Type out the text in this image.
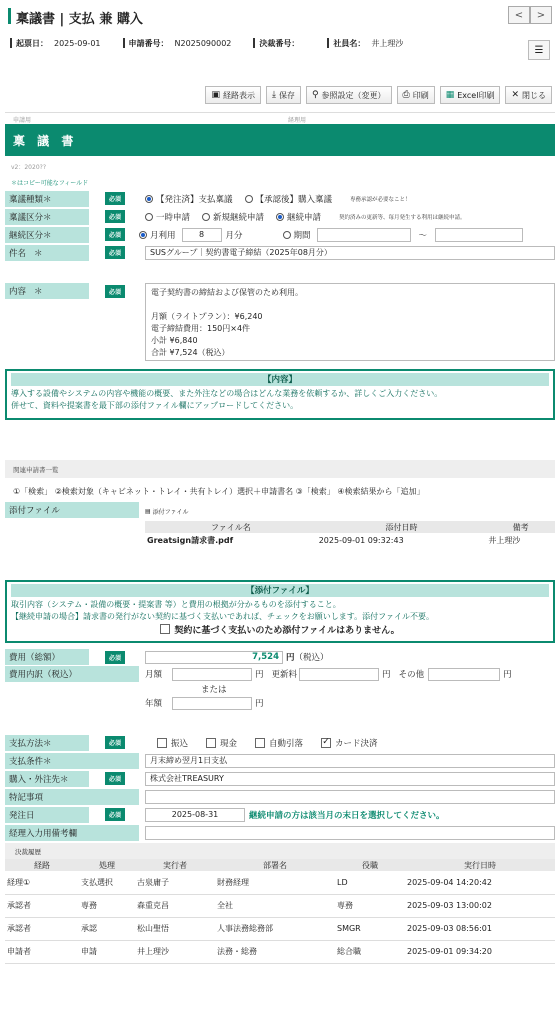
稟議書 | 支払 兼 購入	<	>
起票日： 2025-09-01	申請番号： N2025090002	決裁番号：	社員名： 井上理沙
☰
▣ 経路表示 ⤓ 保存 ⚲ 参照設定（変更） ⎙ 印刷 ▦ Excel印刷 ✕ 閉じる
申請用	経理用
稟 議 書
v2：2020??
＊はコピー可能なフィールド
稟議種類＊	必須	【発注済】支払稟議	【承認後】購入稟議	専務承認が必要なこと！
稟議区分＊	必須	一時申請	新規継続申請	継続申請	契約済みの更新等、毎月発生する利用は継続申請。
継続区分＊	必須	月利用	8	月分	期間	〜
件名 ＊	必須	SUSグループ｜契約書電子締結（2025年08月分）
内容 ＊	必須	電子契約書の締結および保管のため利用。
月額（ライトプラン）：¥6,240
電子締結費用：150円×4件
小計 ¥6,840
合計 ¥7,524（税込）
【内容】
導入する設備やシステムの内容や機能の概要、また外注などの場合はどんな業務を依頼するか、詳しくご入力ください。
併せて、資料や提案書を最下部の添付ファイル欄にアップロードしてください。
関連申請書一覧
①「検索」 ②検索対象（キャビネット・トレイ・共有トレイ）選択＋申請書名 ③「検索」 ④検索結果から「追加」
添付ファイル	▤ 添付ファイル
ファイル名	添付日時	備考
Greatsign請求書.pdf	2025-09-01 09:32:43	井上理沙
【添付ファイル】
取引内容（システム・設備の概要・提案書 等）と費用の根拠が分かるものを添付すること。
【継続申請の場合】請求書の発行がない契約に基づく支払いであれば、チェックをお願いします。添付ファイル不要。
契約に基づく支払いのため添付ファイルはありません。
費用（総額）	必須	7,524 円 （税込）
費用内訳（税込）	月額	円 更新料	円 その他	円
または
年額	円
支払方法＊	必須	振込	現金	自動引落 ✓ カード決済
支払条件＊	月末締め翌月1日支払
購入・外注先＊	必須	株式会社TREASURY
特記事項
発注日	必須	2025-08-31	継続申請の方は該当月の末日を選択してください。
経理入力用備考欄
決裁履歴
経路	処理	実行者	部署名	役職	実行日時
経理①	支払選択	古泉庸子	財務経理	LD	2025-09-04 14:20:42
承認者	専務	森重克昌	全社	専務	2025-09-03 13:00:02
承認者	承認	松山聖悟	人事法務総務部	SMGR	2025-09-03 08:56:01
申請者	申請	井上理沙	法務・総務	総合職	2025-09-01 09:34:20
